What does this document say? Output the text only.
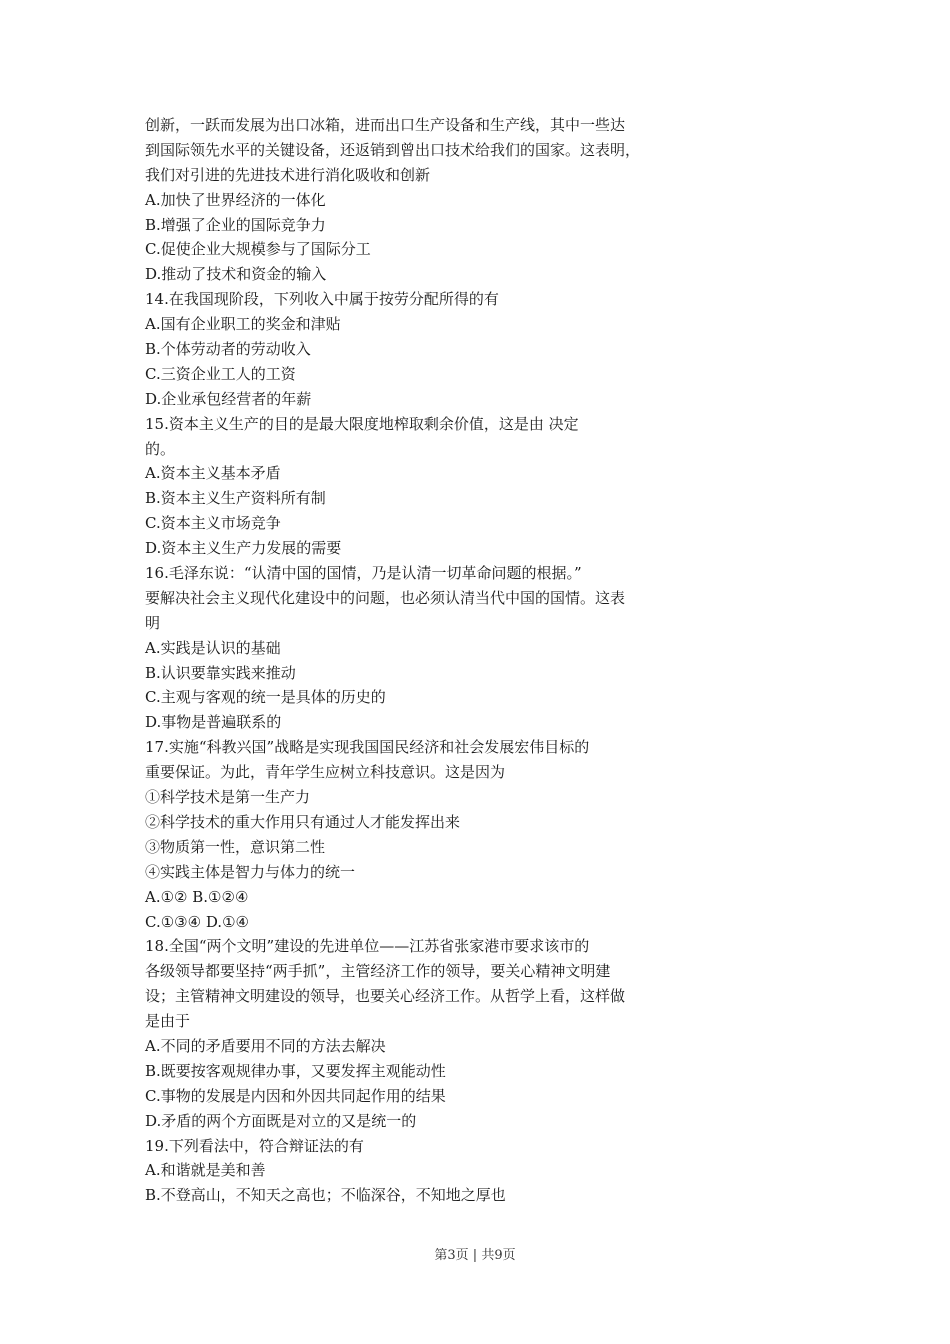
创新，一跃而发展为出口冰箱，进而出口生产设备和生产线，其中一些达
到国际领先水平的关键设备，还返销到曾出口技术给我们的国家。这表明，
我们对引进的先进技术进行消化吸收和创新
A.加快了世界经济的一体化
B.增强了企业的国际竞争力
C.促使企业大规模参与了国际分工
D.推动了技术和资金的输入
14.在我国现阶段，下列收入中属于按劳分配所得的有
A.国有企业职工的奖金和津贴
B.个体劳动者的劳动收入
C.三资企业工人的工资
D.企业承包经营者的年薪
15.资本主义生产的目的是最大限度地榨取剩余价值，这是由 决定
的。
A.资本主义基本矛盾
B.资本主义生产资料所有制
C.资本主义市场竞争
D.资本主义生产力发展的需要
16.毛泽东说：“认清中国的国情，乃是认清一切革命问题的根据。”
要解决社会主义现代化建设中的问题，也必须认清当代中国的国情。这表
明
A.实践是认识的基础
B.认识要靠实践来推动
C.主观与客观的统一是具体的历史的
D.事物是普遍联系的
17.实施“科教兴国”战略是实现我国国民经济和社会发展宏伟目标的
重要保证。为此，青年学生应树立科技意识。这是因为
①科学技术是第一生产力
②科学技术的重大作用只有通过人才能发挥出来
③物质第一性，意识第二性
④实践主体是智力与体力的统一
A.①② B.①②④
C.①③④ D.①④
18.全国“两个文明”建设的先进单位——江苏省张家港市要求该市的
各级领导都要坚持“两手抓”，主管经济工作的领导，要关心精神文明建
设；主管精神文明建设的领导，也要关心经济工作。从哲学上看，这样做
是由于
A.不同的矛盾要用不同的方法去解决
B.既要按客观规律办事，又要发挥主观能动性
C.事物的发展是内因和外因共同起作用的结果
D.矛盾的两个方面既是对立的又是统一的
19.下列看法中，符合辩证法的有
A.和谐就是美和善
B.不登高山，不知天之高也；不临深谷，不知地之厚也
第3页 | 共9页
